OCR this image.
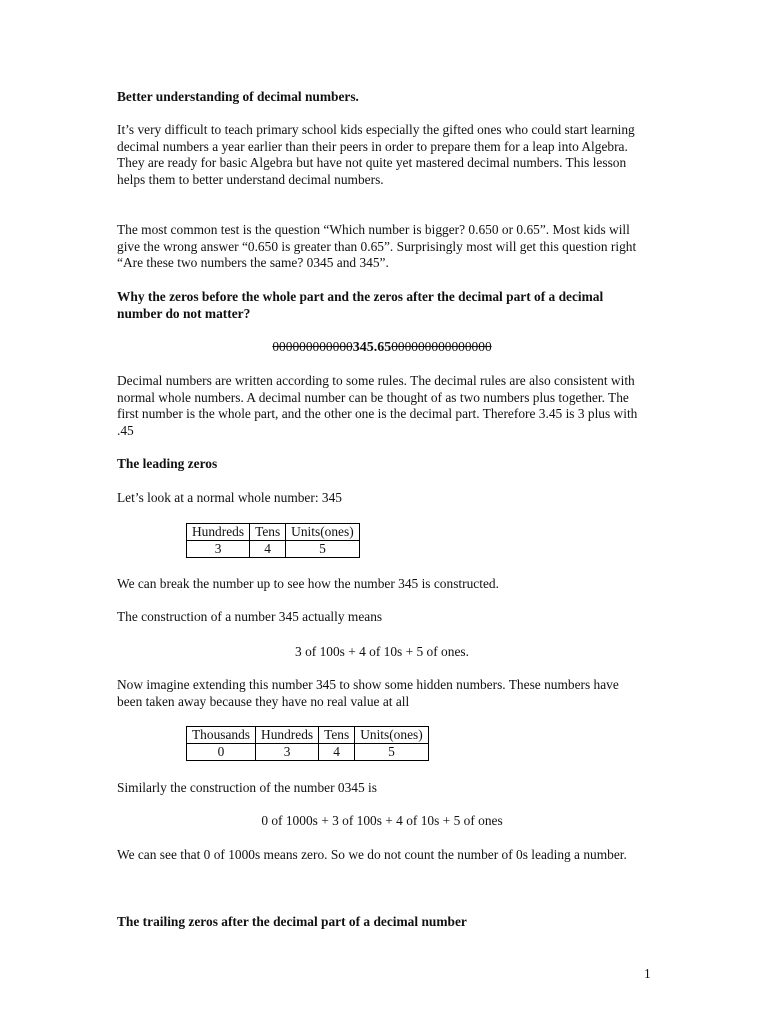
Better understanding of decimal numbers.

It’s very difficult to teach primary school kids especially the gifted ones who could start learning decimal numbers a year earlier than their peers in order to prepare them for a leap into Algebra. They are ready for basic Algebra but have not quite yet mastered decimal numbers. This lesson helps them to better understand decimal numbers.

The most common test is the question “Which number is bigger? 0.650 or 0.65”. Most kids will give the wrong answer “0.650 is greater than 0.65”. Surprisingly most will get this question right “Are these two numbers the same? 0345 and 345”.

Why the zeros before the whole part and the zeros after the decimal part of a decimal number do not matter?

000000000000345.65000000000000000

Decimal numbers are written according to some rules. The decimal rules are also consistent with normal whole numbers. A decimal number can be thought of as two numbers plus together. The first number is the whole part, and the other one is the decimal part. Therefore 3.45 is 3 plus with .45

The leading zeros

Let’s look at a normal whole number: 345

Hundreds	Tens	Units(ones)
3	4	5

We can break the number up to see how the number 345 is constructed.

The construction of a number 345 actually means

3 of 100s + 4 of 10s + 5 of ones.

Now imagine extending this number 345 to show some hidden numbers. These numbers have been taken away because they have no real value at all

Thousands	Hundreds	Tens	Units(ones)
0	3	4	5

Similarly the construction of the number 0345 is

0 of 1000s + 3 of 100s + 4 of 10s + 5 of ones

We can see that 0 of 1000s means zero. So we do not count the number of 0s leading a number.

The trailing zeros after the decimal part of a decimal number

1
